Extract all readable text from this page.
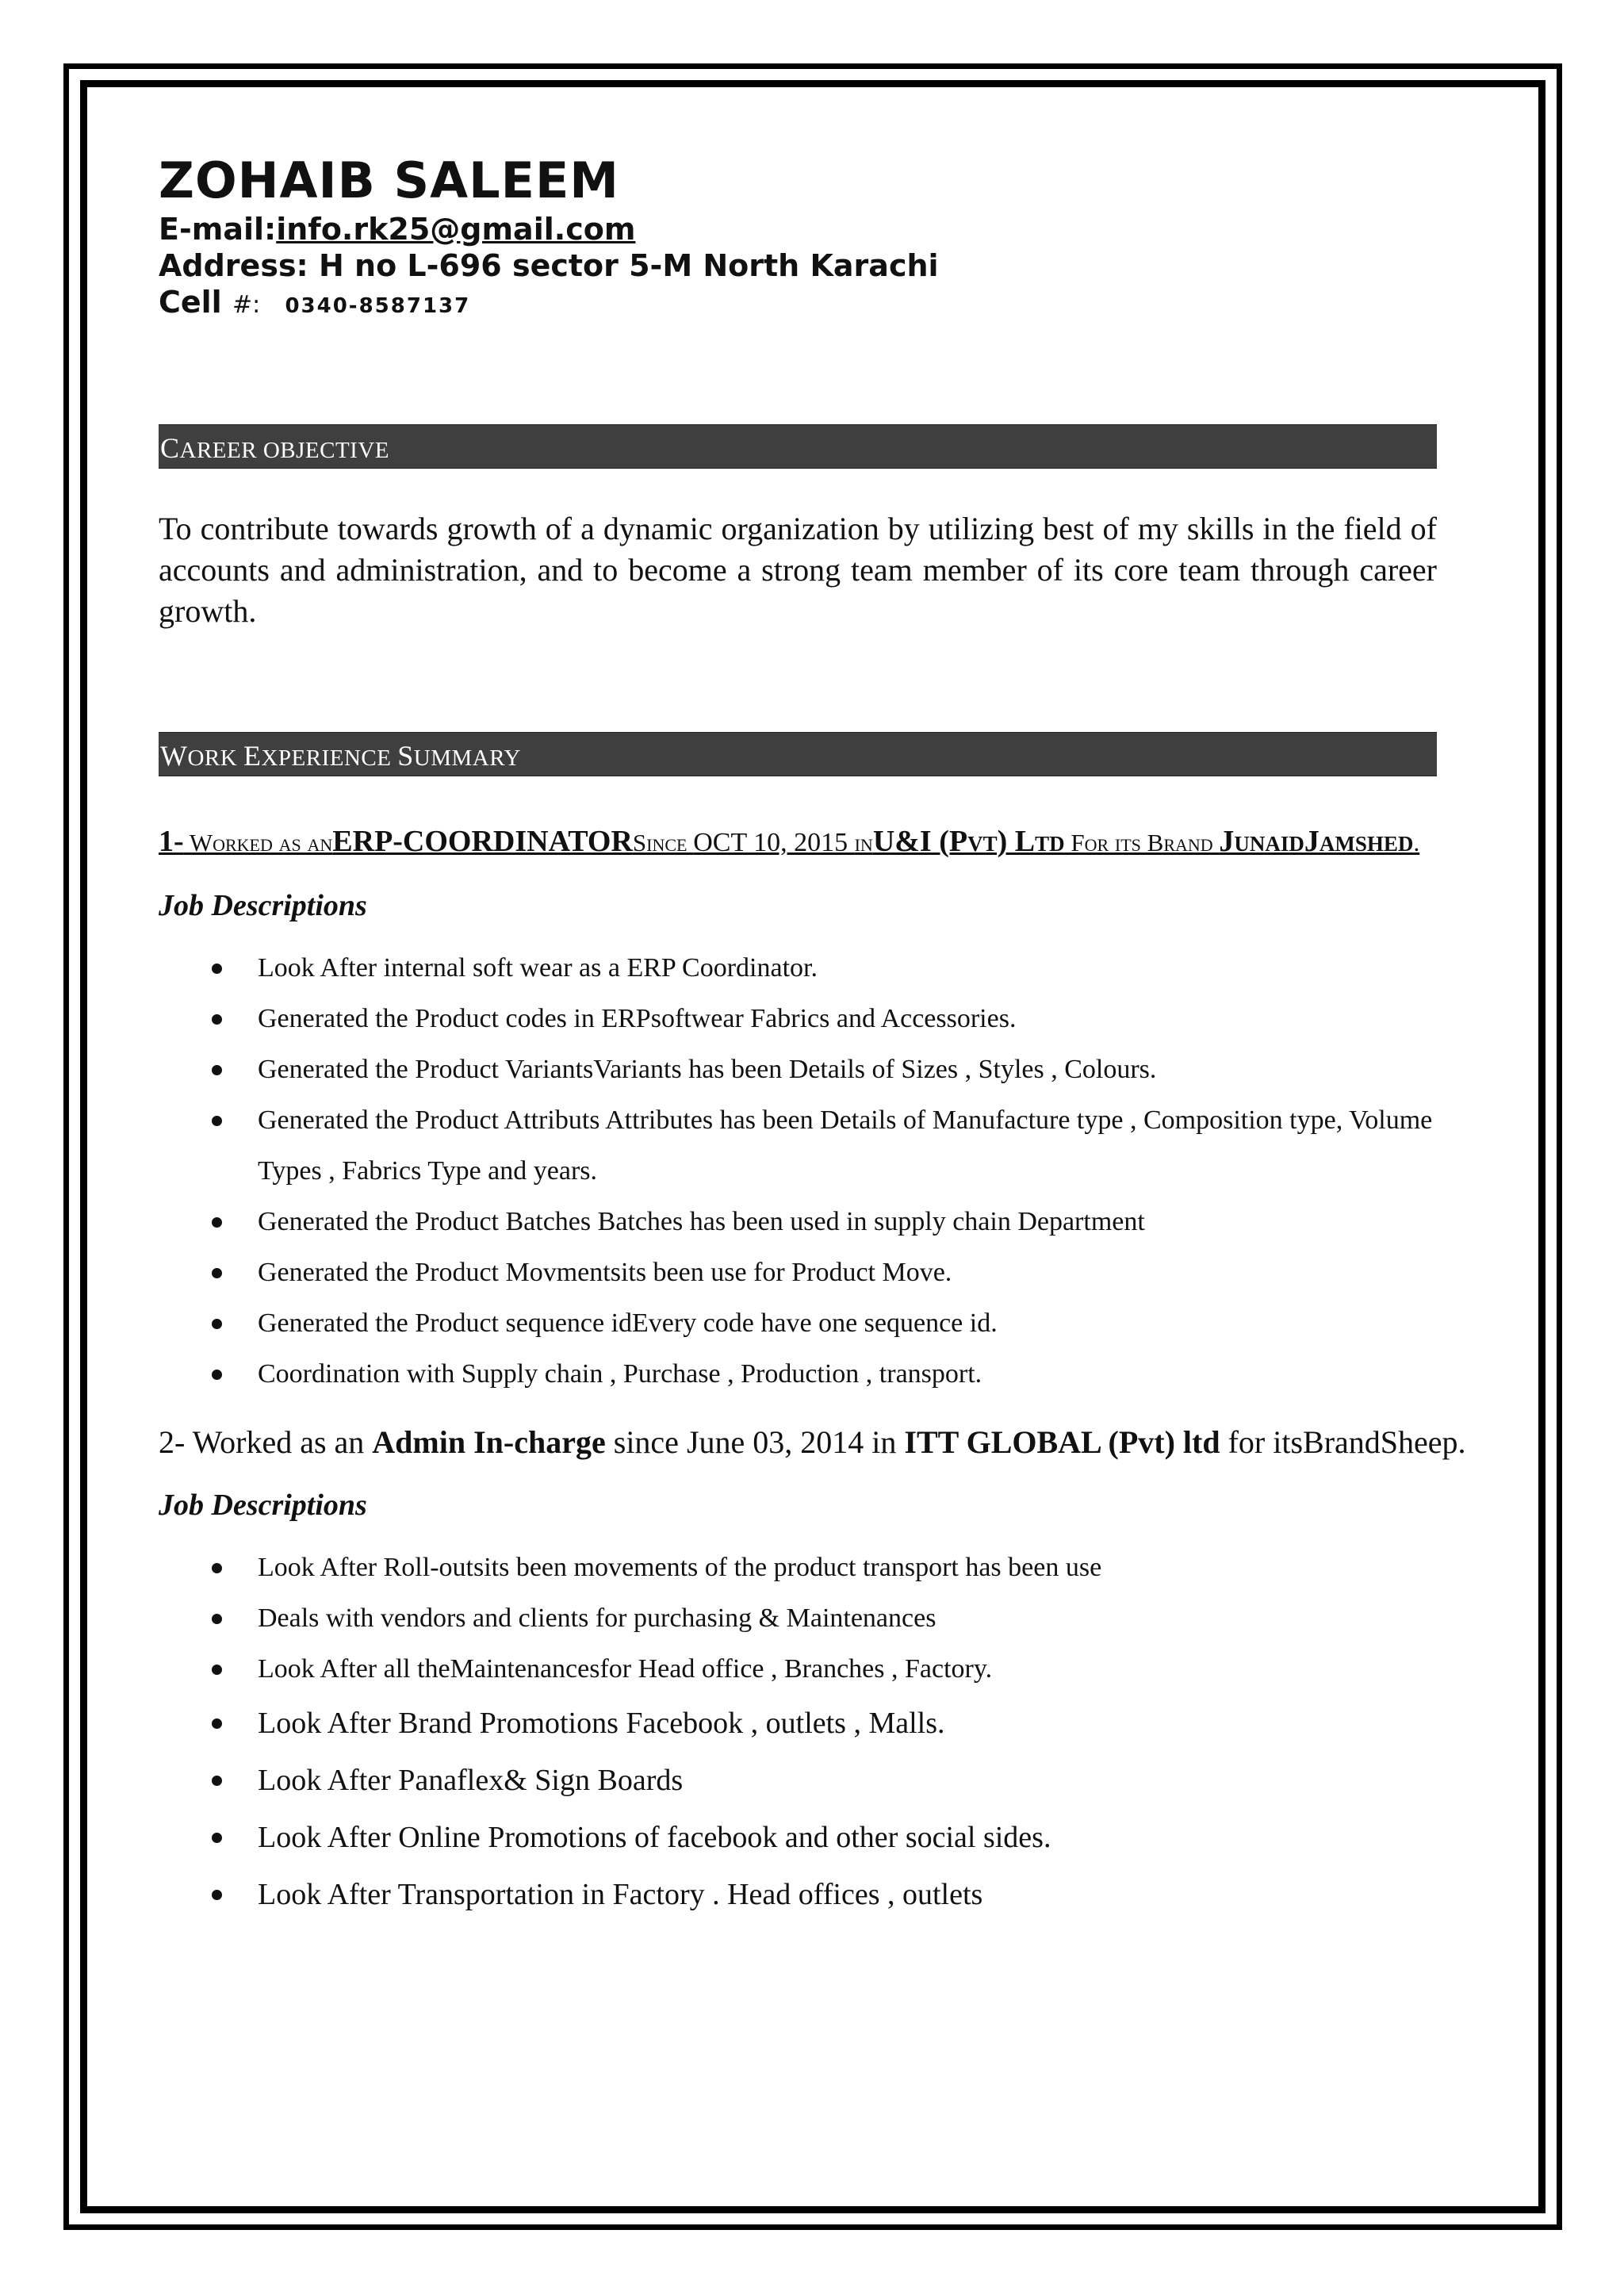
ZOHAIB SALEEM

E-mail:info.rk25@gmail.com

Address: H no L-696 sector 5-M North Karachi

Cell #: 0340-8587137

CAREER OBJECTIVE

To contribute towards growth of a dynamic organization by utilizing best of my skills in the field of accounts and administration, and to become a strong team member of its core team through career growth.

WORK EXPERIENCE SUMMARY

1- Worked as anERP-COORDINATORSince OCT 10, 2015 inU&I (Pvt) Ltd For its Brand JunaidJamshed.

Job Descriptions

Look After internal soft wear as a ERP Coordinator.
Generated the Product codes in ERPsoftwear Fabrics and Accessories.
Generated the Product VariantsVariants has been Details of Sizes , Styles , Colours.
Generated the Product Attributs Attributes has been Details of Manufacture type , Composition type, Volume Types , Fabrics Type and years.
Generated the Product Batches Batches has been used in supply chain Department
Generated the Product Movmentsits been use for Product Move.
Generated the Product sequence idEvery code have one sequence id.
Coordination with Supply chain , Purchase , Production , transport.

2- Worked as an Admin In-charge since June 03, 2014 in ITT GLOBAL (Pvt) ltd for itsBrandSheep.

Job Descriptions

Look After Roll-outsits been movements of the product transport has been use
Deals with vendors and clients for purchasing & Maintenances
Look After all theMaintenancesfor Head office , Branches , Factory.
Look After Brand Promotions Facebook , outlets , Malls.
Look After Panaflex& Sign Boards
Look After Online Promotions of facebook and other social sides.
Look After Transportation in Factory . Head offices , outlets
